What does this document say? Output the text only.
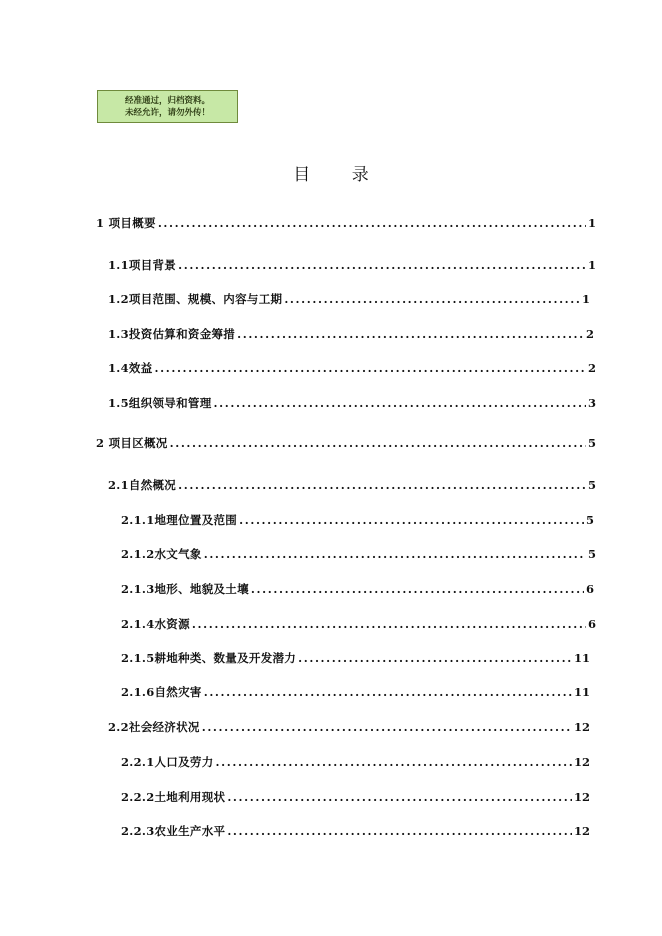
经准通过，归档资料。
未经允许，请勿外传！
目 录
1 项目概要 . . .	1
1.1项目背景 . . .	1
1.2项目范围、规模、内容与工期 . . .	1
1.3投资估算和资金筹措 . . .	2
1.4效益 . . .	2
1.5组织领导和管理 . . .	3
2 项目区概况 . . .	5
2.1自然概况 . . .	5
2.1.1地理位置及范围 . . .	5
2.1.2水文气象 . . .	5
2.1.3地形、地貌及土壤 . . .	6
2.1.4水资源 . . .	6
2.1.5耕地种类、数量及开发潜力 . . .	11
2.1.6自然灾害 . . .	11
2.2社会经济状况 . . .	12
2.2.1人口及劳力 . . .	12
2.2.2土地利用现状 . . .	12
2.2.3农业生产水平 . . .	12
